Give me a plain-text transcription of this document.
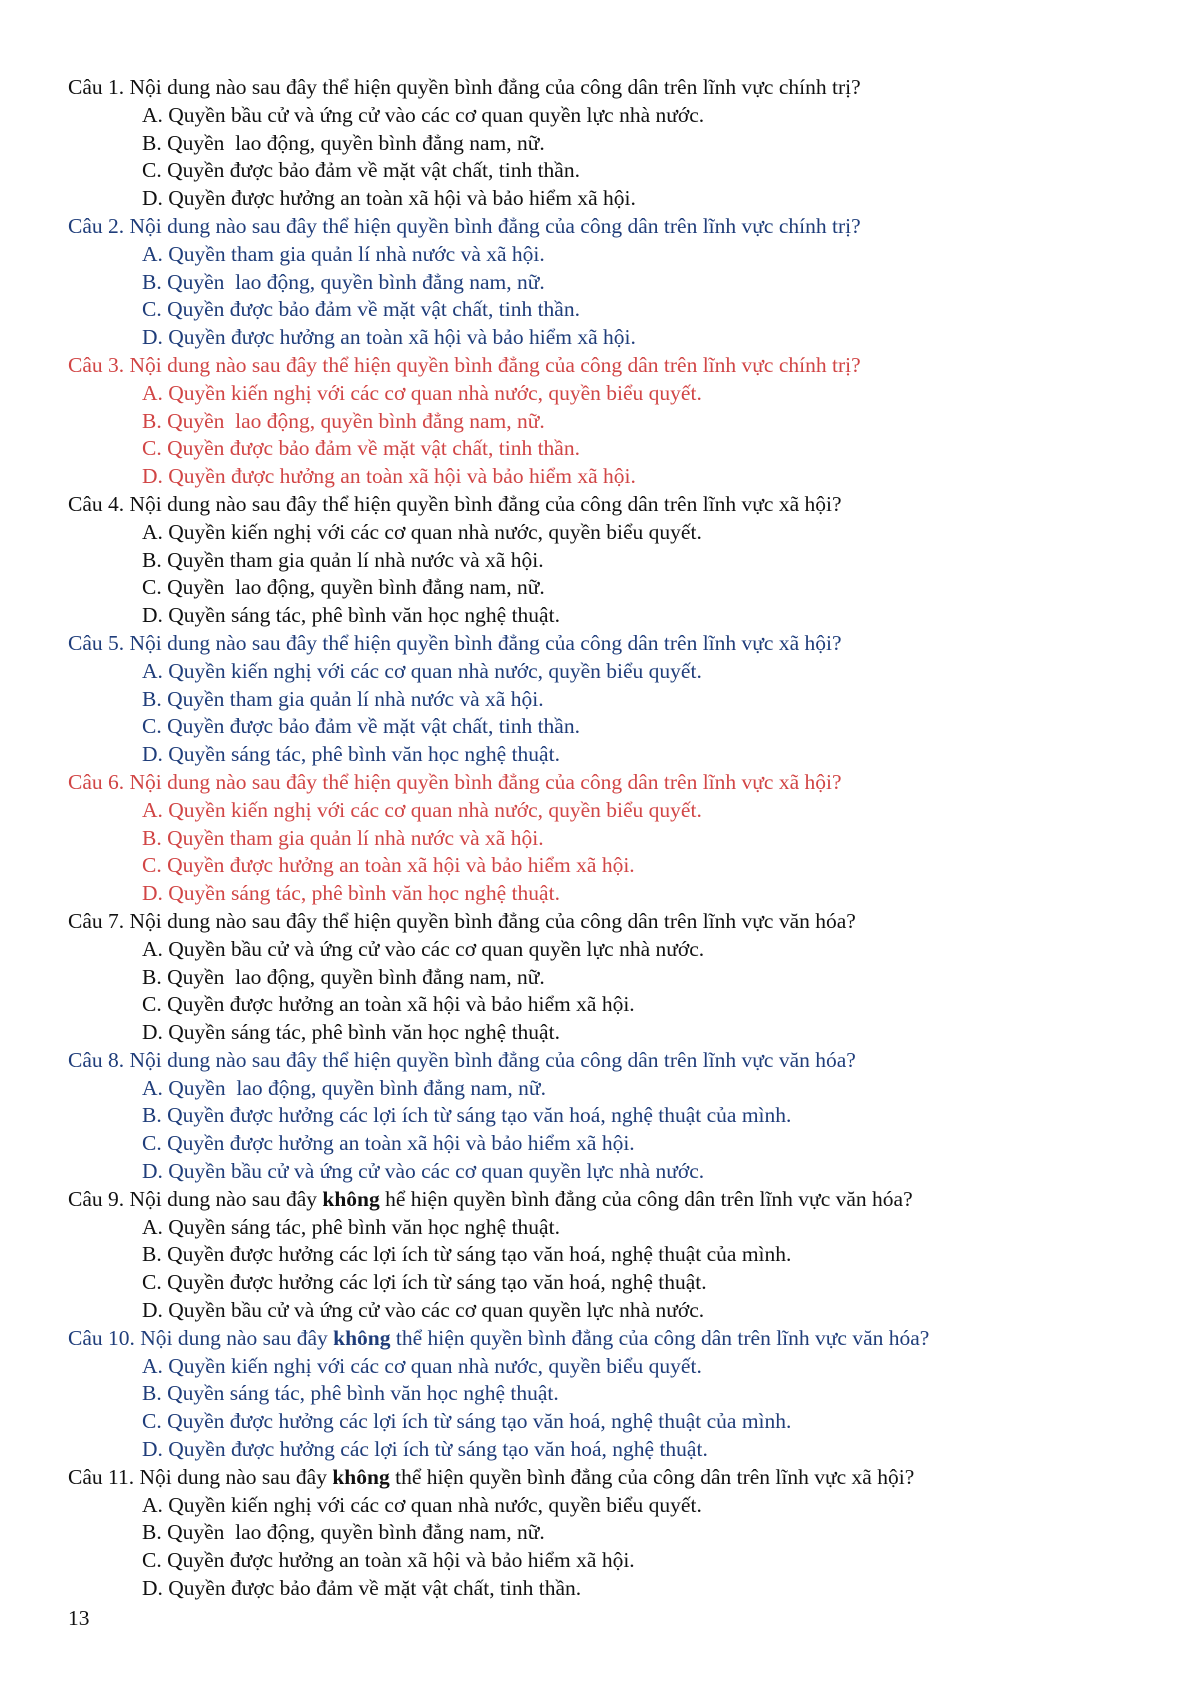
Câu 1. Nội dung nào sau đây thể hiện quyền bình đẳng của công dân trên lĩnh vực chính trị?
A. Quyền bầu cử và ứng cử vào các cơ quan quyền lực nhà nước.
B. Quyền  lao động, quyền bình đẳng nam, nữ.
C. Quyền được bảo đảm về mặt vật chất, tinh thần.
D. Quyền được hưởng an toàn xã hội và bảo hiểm xã hội.
Câu 2. Nội dung nào sau đây thể hiện quyền bình đẳng của công dân trên lĩnh vực chính trị?
A. Quyền tham gia quản lí nhà nước và xã hội.
B. Quyền  lao động, quyền bình đẳng nam, nữ.
C. Quyền được bảo đảm về mặt vật chất, tinh thần.
D. Quyền được hưởng an toàn xã hội và bảo hiểm xã hội.
Câu 3. Nội dung nào sau đây thể hiện quyền bình đẳng của công dân trên lĩnh vực chính trị?
A. Quyền kiến nghị với các cơ quan nhà nước, quyền biểu quyết.
B. Quyền  lao động, quyền bình đẳng nam, nữ.
C. Quyền được bảo đảm về mặt vật chất, tinh thần.
D. Quyền được hưởng an toàn xã hội và bảo hiểm xã hội.
Câu 4. Nội dung nào sau đây thể hiện quyền bình đẳng của công dân trên lĩnh vực xã hội?
A. Quyền kiến nghị với các cơ quan nhà nước, quyền biểu quyết.
B. Quyền tham gia quản lí nhà nước và xã hội.
C. Quyền  lao động, quyền bình đẳng nam, nữ.
D. Quyền sáng tác, phê bình văn học nghệ thuật.
Câu 5. Nội dung nào sau đây thể hiện quyền bình đẳng của công dân trên lĩnh vực xã hội?
A. Quyền kiến nghị với các cơ quan nhà nước, quyền biểu quyết.
B. Quyền tham gia quản lí nhà nước và xã hội.
C. Quyền được bảo đảm về mặt vật chất, tinh thần.
D. Quyền sáng tác, phê bình văn học nghệ thuật.
Câu 6. Nội dung nào sau đây thể hiện quyền bình đẳng của công dân trên lĩnh vực xã hội?
A. Quyền kiến nghị với các cơ quan nhà nước, quyền biểu quyết.
B. Quyền tham gia quản lí nhà nước và xã hội.
C. Quyền được hưởng an toàn xã hội và bảo hiểm xã hội.
D. Quyền sáng tác, phê bình văn học nghệ thuật.
Câu 7. Nội dung nào sau đây thể hiện quyền bình đẳng của công dân trên lĩnh vực văn hóa?
A. Quyền bầu cử và ứng cử vào các cơ quan quyền lực nhà nước.
B. Quyền  lao động, quyền bình đẳng nam, nữ.
C. Quyền được hưởng an toàn xã hội và bảo hiểm xã hội.
D. Quyền sáng tác, phê bình văn học nghệ thuật.
Câu 8. Nội dung nào sau đây thể hiện quyền bình đẳng của công dân trên lĩnh vực văn hóa?
A. Quyền  lao động, quyền bình đẳng nam, nữ.
B. Quyền được hưởng các lợi ích từ sáng tạo văn hoá, nghệ thuật của mình.
C. Quyền được hưởng an toàn xã hội và bảo hiểm xã hội.
D. Quyền bầu cử và ứng cử vào các cơ quan quyền lực nhà nước.
Câu 9. Nội dung nào sau đây không hể hiện quyền bình đẳng của công dân trên lĩnh vực văn hóa?
A. Quyền sáng tác, phê bình văn học nghệ thuật.
B. Quyền được hưởng các lợi ích từ sáng tạo văn hoá, nghệ thuật của mình.
C. Quyền được hưởng các lợi ích từ sáng tạo văn hoá, nghệ thuật.
D. Quyền bầu cử và ứng cử vào các cơ quan quyền lực nhà nước.
Câu 10. Nội dung nào sau đây không thể hiện quyền bình đẳng của công dân trên lĩnh vực văn hóa?
A. Quyền kiến nghị với các cơ quan nhà nước, quyền biểu quyết.
B. Quyền sáng tác, phê bình văn học nghệ thuật.
C. Quyền được hưởng các lợi ích từ sáng tạo văn hoá, nghệ thuật của mình.
D. Quyền được hưởng các lợi ích từ sáng tạo văn hoá, nghệ thuật.
Câu 11. Nội dung nào sau đây không thể hiện quyền bình đẳng của công dân trên lĩnh vực xã hội?
A. Quyền kiến nghị với các cơ quan nhà nước, quyền biểu quyết.
B. Quyền  lao động, quyền bình đẳng nam, nữ.
C. Quyền được hưởng an toàn xã hội và bảo hiểm xã hội.
D. Quyền được bảo đảm về mặt vật chất, tinh thần.
13
